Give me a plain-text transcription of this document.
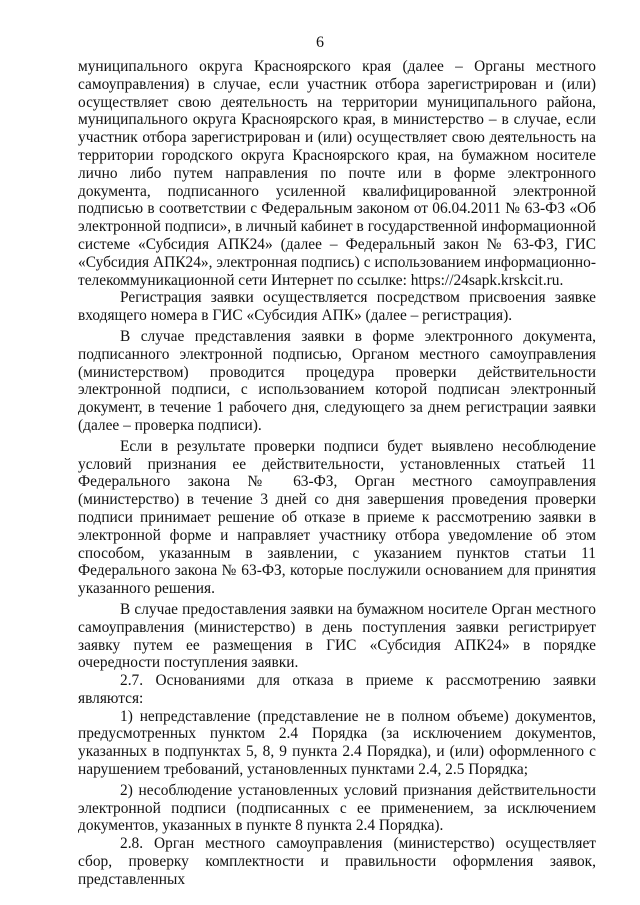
6

муниципального округа Красноярского края (далее – Органы местного самоуправления) в случае, если участник отбора зарегистрирован и (или) осуществляет свою деятельность на территории муниципального района, муниципального округа Красноярского края, в министерство – в случае, если участник отбора зарегистрирован и (или) осуществляет свою деятельность на территории городского округа Красноярского края, на бумажном носителе лично либо путем направления по почте или в форме электронного документа, подписанного усиленной квалифицированной электронной подписью в соответствии с Федеральным законом от 06.04.2011 № 63-ФЗ «Об электронной подписи», в личный кабинет в государственной информационной системе «Субсидия АПК24» (далее – Федеральный закон № 63-ФЗ, ГИС «Субсидия АПК24», электронная подпись) с использованием информационно-телекоммуникационной сети Интернет по ссылке: https://24sapk.krskcit.ru.

Регистрация заявки осуществляется посредством присвоения заявке входящего номера в ГИС «Субсидия АПК» (далее – регистрация).

В случае представления заявки в форме электронного документа, подписанного электронной подписью, Органом местного самоуправления (министерством) проводится процедура проверки действительности электронной подписи, с использованием которой подписан электронный документ, в течение 1 рабочего дня, следующего за днем регистрации заявки (далее – проверка подписи).

Если в результате проверки подписи будет выявлено несоблюдение условий признания ее действительности, установленных статьей 11 Федерального закона № 63-ФЗ, Орган местного самоуправления (министерство) в течение 3 дней со дня завершения проведения проверки подписи принимает решение об отказе в приеме к рассмотрению заявки в электронной форме и направляет участнику отбора уведомление об этом способом, указанным в заявлении, с указанием пунктов статьи 11 Федерального закона № 63-ФЗ, которые послужили основанием для принятия указанного решения.

В случае предоставления заявки на бумажном носителе Орган местного самоуправления (министерство) в день поступления заявки регистрирует заявку путем ее размещения в ГИС «Субсидия АПК24» в порядке очередности поступления заявки.

2.7. Основаниями для отказа в приеме к рассмотрению заявки являются:

1) непредставление (представление не в полном объеме) документов, предусмотренных пунктом 2.4 Порядка (за исключением документов, указанных в подпунктах 5, 8, 9 пункта 2.4 Порядка), и (или) оформленного с нарушением требований, установленных пунктами 2.4, 2.5 Порядка;

2) несоблюдение установленных условий признания действительности электронной подписи (подписанных с ее применением, за исключением документов, указанных в пункте 8 пункта 2.4 Порядка).

2.8. Орган местного самоуправления (министерство) осуществляет сбор, проверку комплектности и правильности оформления заявок, представленных
